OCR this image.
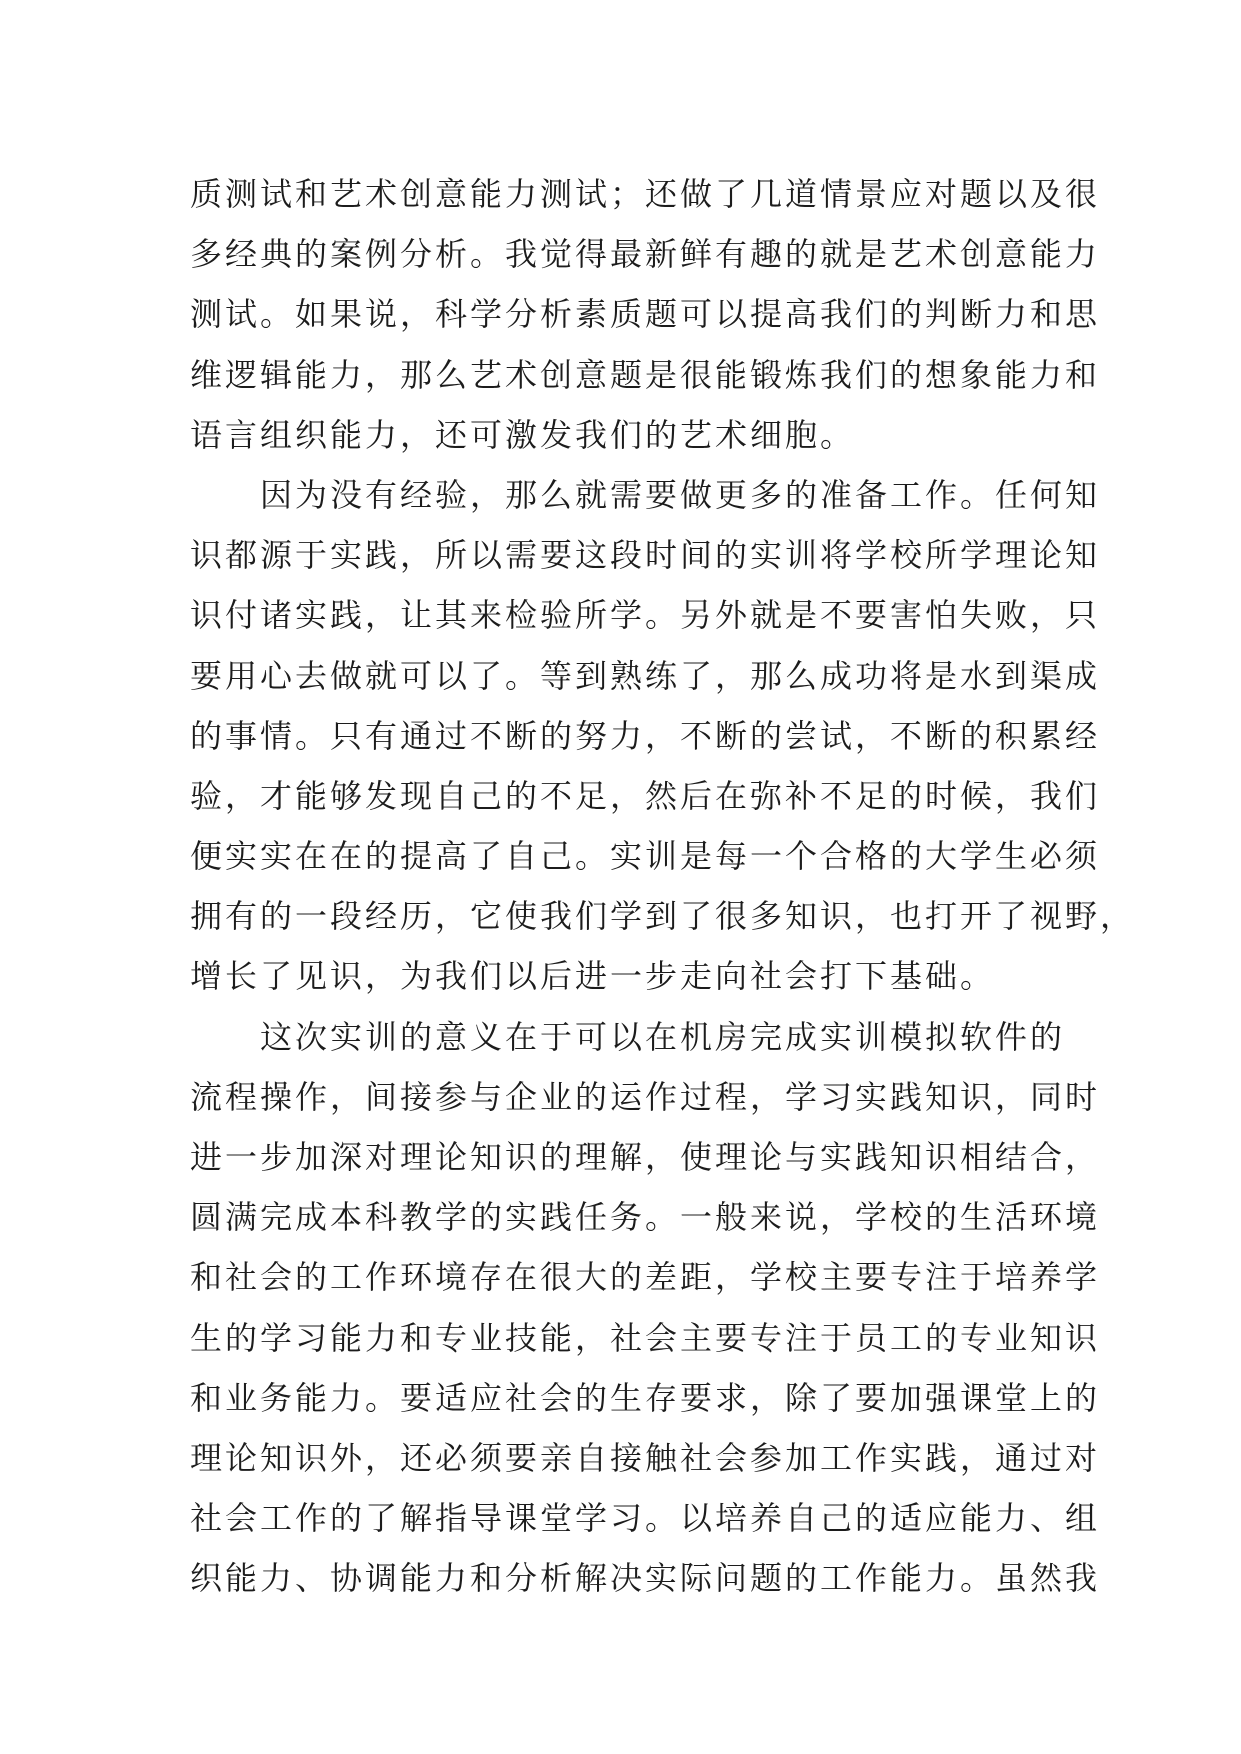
质测试和艺术创意能力测试；还做了几道情景应对题以及很
多经典的案例分析。我觉得最新鲜有趣的就是艺术创意能力
测试。如果说，科学分析素质题可以提高我们的判断力和思
维逻辑能力，那么艺术创意题是很能锻炼我们的想象能力和
语言组织能力，还可激发我们的艺术细胞。
因为没有经验，那么就需要做更多的准备工作。任何知
识都源于实践，所以需要这段时间的实训将学校所学理论知
识付诸实践，让其来检验所学。另外就是不要害怕失败，只
要用心去做就可以了。等到熟练了，那么成功将是水到渠成
的事情。只有通过不断的努力，不断的尝试，不断的积累经
验，才能够发现自己的不足，然后在弥补不足的时候，我们
便实实在在的提高了自己。实训是每一个合格的大学生必须
拥有的一段经历，它使我们学到了很多知识，也打开了视野，
增长了见识，为我们以后进一步走向社会打下基础。
这次实训的意义在于可以在机房完成实训模拟软件的
流程操作，间接参与企业的运作过程，学习实践知识，同时
进一步加深对理论知识的理解，使理论与实践知识相结合，
圆满完成本科教学的实践任务。一般来说，学校的生活环境
和社会的工作环境存在很大的差距，学校主要专注于培养学
生的学习能力和专业技能，社会主要专注于员工的专业知识
和业务能力。要适应社会的生存要求，除了要加强课堂上的
理论知识外，还必须要亲自接触社会参加工作实践，通过对
社会工作的了解指导课堂学习。以培养自己的适应能力、组
织能力、协调能力和分析解决实际问题的工作能力。虽然我
